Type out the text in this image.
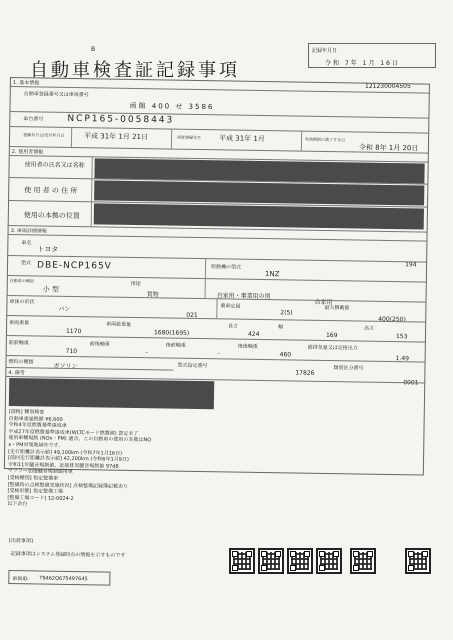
B
自動車検査証記録事項
記録年月日
令和 7年 1月 16日
121230004505
1. 基本情報
自動車登録番号又は車両番号
函館 400 せ 3586
車台番号	NCP165-0058443
登録年月日/交付年月日	平成 31年 1月 21日	初度登録年月	平成 31年 1月	有効期間の満了する日
令和 8年 1月 20日
2. 使用者情報
使用者の氏名又は名称
使 用 者 の 住 所
使用の本拠の位置
3. 車両詳細情報
車名
トヨタ
型式 DBE-NCP165V	原動機の型式
1NZ
194
自動車の種別
小 型
用途
貨物	自家用・事業用の別
自家用
車体の形状
バン
021
乗車定員
2(5)
最大積載量
400(250)
車両重量
1170
車両総重量
1680(1695)
長さ
424
幅
169
高さ
153
前前軸重
710
前後軸重
-
後前軸重
-
後後軸重
460
総排気量又は定格出力
1.49
燃料の種類
ガソリン	型式指定番号
17826
類別区分番号
0001
4. 備考
[国税] 種別検査
自動車重量税額 ¥6,600
令和4年度燃費基準達成車
平成27年度燃費基準達成車(WLTCモード燃費値) 算定未了
使用車種規制 (NOx・PM) 適合、この自動車の使用の本拠はNO
x・PM対策地域外です。
[走行距離計表示値] 49,100km (令和7年1月16日)
[前回走行距離計表示値] 42,200km (令和6年1月9日)
令和11年騒音規制値、近接排気騒音規制値 97dB
マフラー加速騒音規制適用車
[受検種別] 指定整備車
[整備時の点検整備実施状況] 点検整備記録簿記載あり
[受検形態] 指定整備工場
[整備工場コード] 12-0024-2
以下余白
[出荷事項]
記録事項はシステム登録時点の情報を示すものです
車両ID T9462Q675497645
